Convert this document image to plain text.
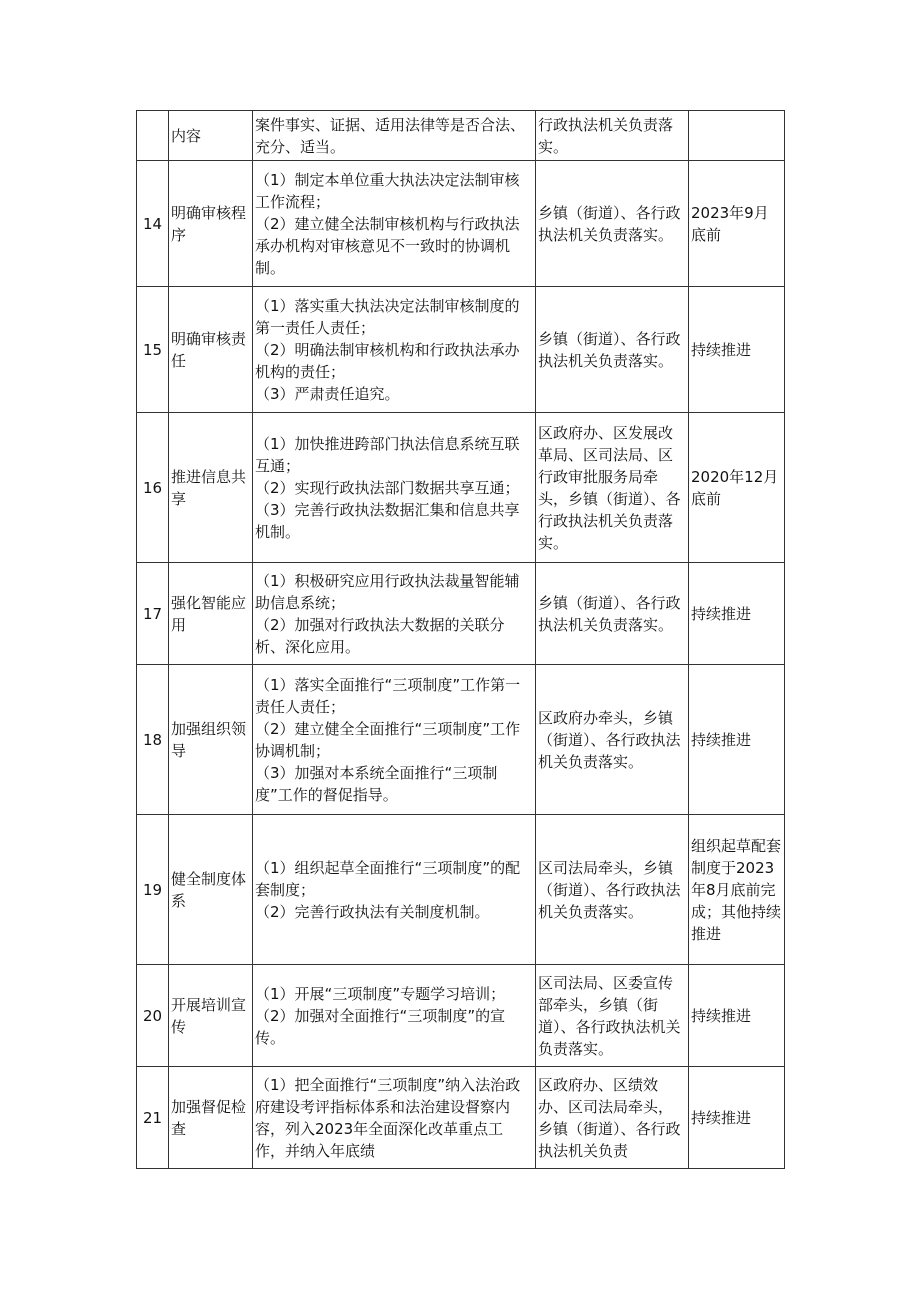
	内容	案件事实、证据、适用法律等是否合法、充分、适当。	行政执法机关负责落实。	
14	明确审核程序	（1）制定本单位重大执法决定法制审核工作流程；
（2）建立健全法制审核机构与行政执法承办机构对审核意见不一致时的协调机制。	乡镇（街道）、各行政执法机关负责落实。	2023年9月底前
15	明确审核责任	（1）落实重大执法决定法制审核制度的第一责任人责任；
（2）明确法制审核机构和行政执法承办机构的责任；
（3）严肃责任追究。	乡镇（街道）、各行政执法机关负责落实。	持续推进
16	推进信息共享	（1）加快推进跨部门执法信息系统互联互通；
（2）实现行政执法部门数据共享互通；
（3）完善行政执法数据汇集和信息共享机制。	区政府办、区发展改革局、区司法局、区行政审批服务局牵头，乡镇（街道）、各行政执法机关负责落实。	2020年12月底前
17	强化智能应用	（1）积极研究应用行政执法裁量智能辅助信息系统；
（2）加强对行政执法大数据的关联分析、深化应用。	乡镇（街道）、各行政执法机关负责落实。	持续推进
18	加强组织领导	（1）落实全面推行“三项制度”工作第一责任人责任；
（2）建立健全全面推行“三项制度”工作协调机制；
（3）加强对本系统全面推行“三项制度”工作的督促指导。	区政府办牵头，乡镇（街道）、各行政执法机关负责落实。	持续推进
19	健全制度体系	（1）组织起草全面推行“三项制度”的配套制度；
（2）完善行政执法有关制度机制。	区司法局牵头，乡镇（街道）、各行政执法机关负责落实。	组织起草配套制度于2023年8月底前完成；其他持续推进
20	开展培训宣传	（1）开展“三项制度”专题学习培训；
（2）加强对全面推行“三项制度”的宣传。	区司法局、区委宣传部牵头，乡镇（街道）、各行政执法机关负责落实。	持续推进
21	加强督促检查	（1）把全面推行“三项制度”纳入法治政府建设考评指标体系和法治建设督察内容，列入2023年全面深化改革重点工作，并纳入年底绩	区政府办、区绩效办、区司法局牵头，乡镇（街道）、各行政执法机关负责	持续推进
